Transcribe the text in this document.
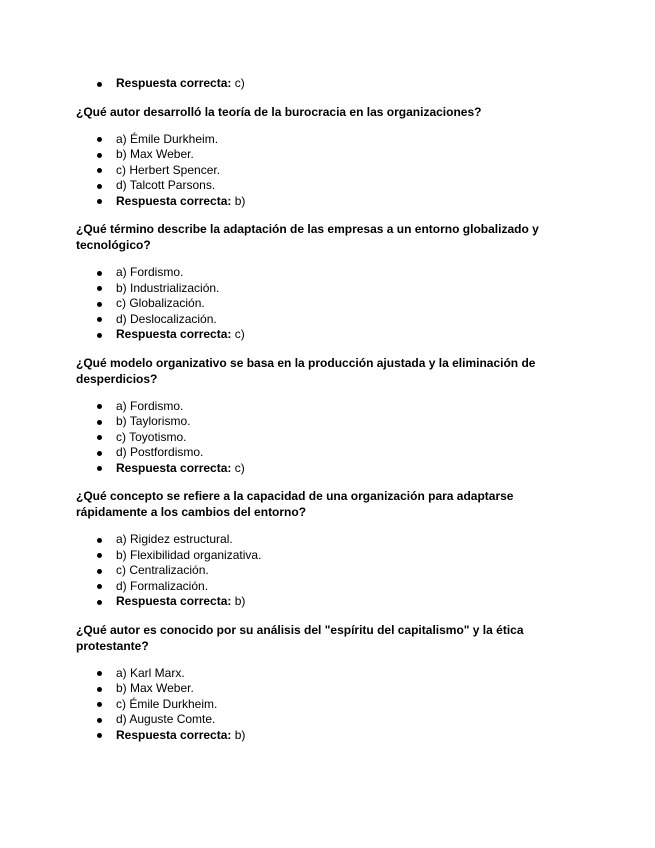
Respuesta correcta: c)

¿Qué autor desarrolló la teoría de la burocracia en las organizaciones?

a) Émile Durkheim.
b) Max Weber.
c) Herbert Spencer.
d) Talcott Parsons.
Respuesta correcta: b)

¿Qué término describe la adaptación de las empresas a un entorno globalizado y tecnológico?

a) Fordismo.
b) Industrialización.
c) Globalización.
d) Deslocalización.
Respuesta correcta: c)

¿Qué modelo organizativo se basa en la producción ajustada y la eliminación de desperdicios?

a) Fordismo.
b) Taylorismo.
c) Toyotismo.
d) Postfordismo.
Respuesta correcta: c)

¿Qué concepto se refiere a la capacidad de una organización para adaptarse rápidamente a los cambios del entorno?

a) Rigidez estructural.
b) Flexibilidad organizativa.
c) Centralización.
d) Formalización.
Respuesta correcta: b)

¿Qué autor es conocido por su análisis del "espíritu del capitalismo" y la ética protestante?

a) Karl Marx.
b) Max Weber.
c) Émile Durkheim.
d) Auguste Comte.
Respuesta correcta: b)
